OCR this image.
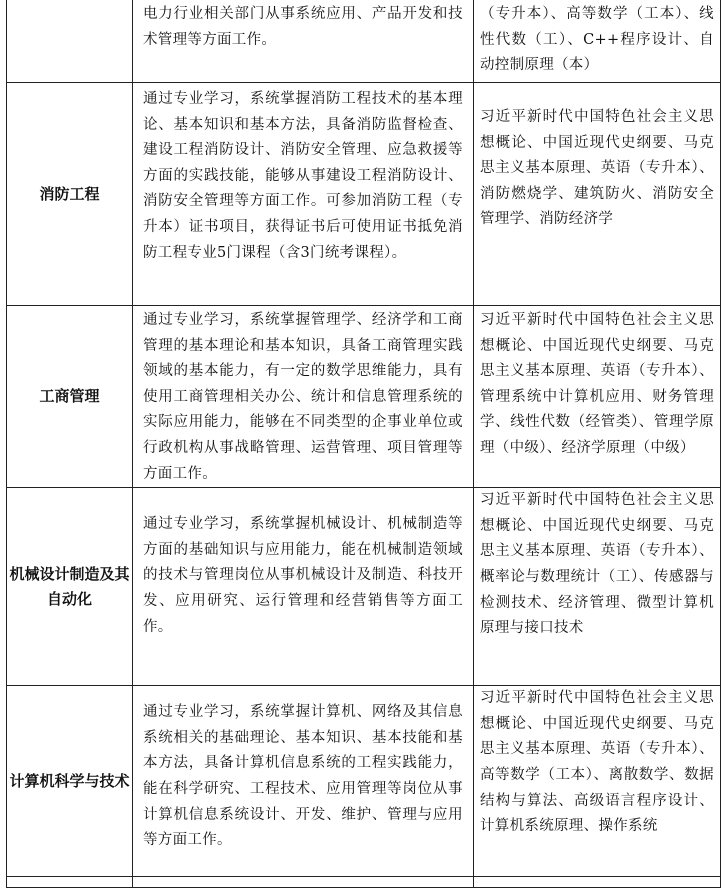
	电力行业相关部门从事系统应用、产品开发和技术管理等方面工作。	（专升本）、高等数学（工本）、线性代数（工）、C++程序设计、自动控制原理（本）
消防工程	通过专业学习，系统掌握消防工程技术的基本理论、基本知识和基本方法，具备消防监督检查、建设工程消防设计、消防安全管理、应急救援等方面的实践技能，能够从事建设工程消防设计、消防安全管理等方面工作。可参加消防工程（专升本）证书项目，获得证书后可使用证书抵免消防工程专业5门课程（含3门统考课程）。	习近平新时代中国特色社会主义思想概论、中国近现代史纲要、马克思主义基本原理、英语（专升本）、消防燃烧学、建筑防火、消防安全管理学、消防经济学
工商管理	通过专业学习，系统掌握管理学、经济学和工商管理的基本理论和基本知识，具备工商管理实践领域的基本能力，有一定的数学思维能力，具有使用工商管理相关办公、统计和信息管理系统的实际应用能力，能够在不同类型的企事业单位或行政机构从事战略管理、运营管理、项目管理等方面工作。	习近平新时代中国特色社会主义思想概论、中国近现代史纲要、马克思主义基本原理、英语（专升本）、管理系统中计算机应用、财务管理学、线性代数（经管类）、管理学原理（中级）、经济学原理（中级）
机械设计制造及其自动化	通过专业学习，系统掌握机械设计、机械制造等方面的基础知识与应用能力，能在机械制造领域的技术与管理岗位从事机械设计及制造、科技开发、应用研究、运行管理和经营销售等方面工作。	习近平新时代中国特色社会主义思想概论、中国近现代史纲要、马克思主义基本原理、英语（专升本）、概率论与数理统计（工）、传感器与检测技术、经济管理、微型计算机原理与接口技术
计算机科学与技术	通过专业学习，系统掌握计算机、网络及其信息系统相关的基础理论、基本知识、基本技能和基本方法，具备计算机信息系统的工程实践能力，能在科学研究、工程技术、应用管理等岗位从事计算机信息系统设计、开发、维护、管理与应用等方面工作。	习近平新时代中国特色社会主义思想概论、中国近现代史纲要、马克思主义基本原理、英语（专升本）、高等数学（工本）、离散数学、数据结构与算法、高级语言程序设计、计算机系统原理、操作系统
